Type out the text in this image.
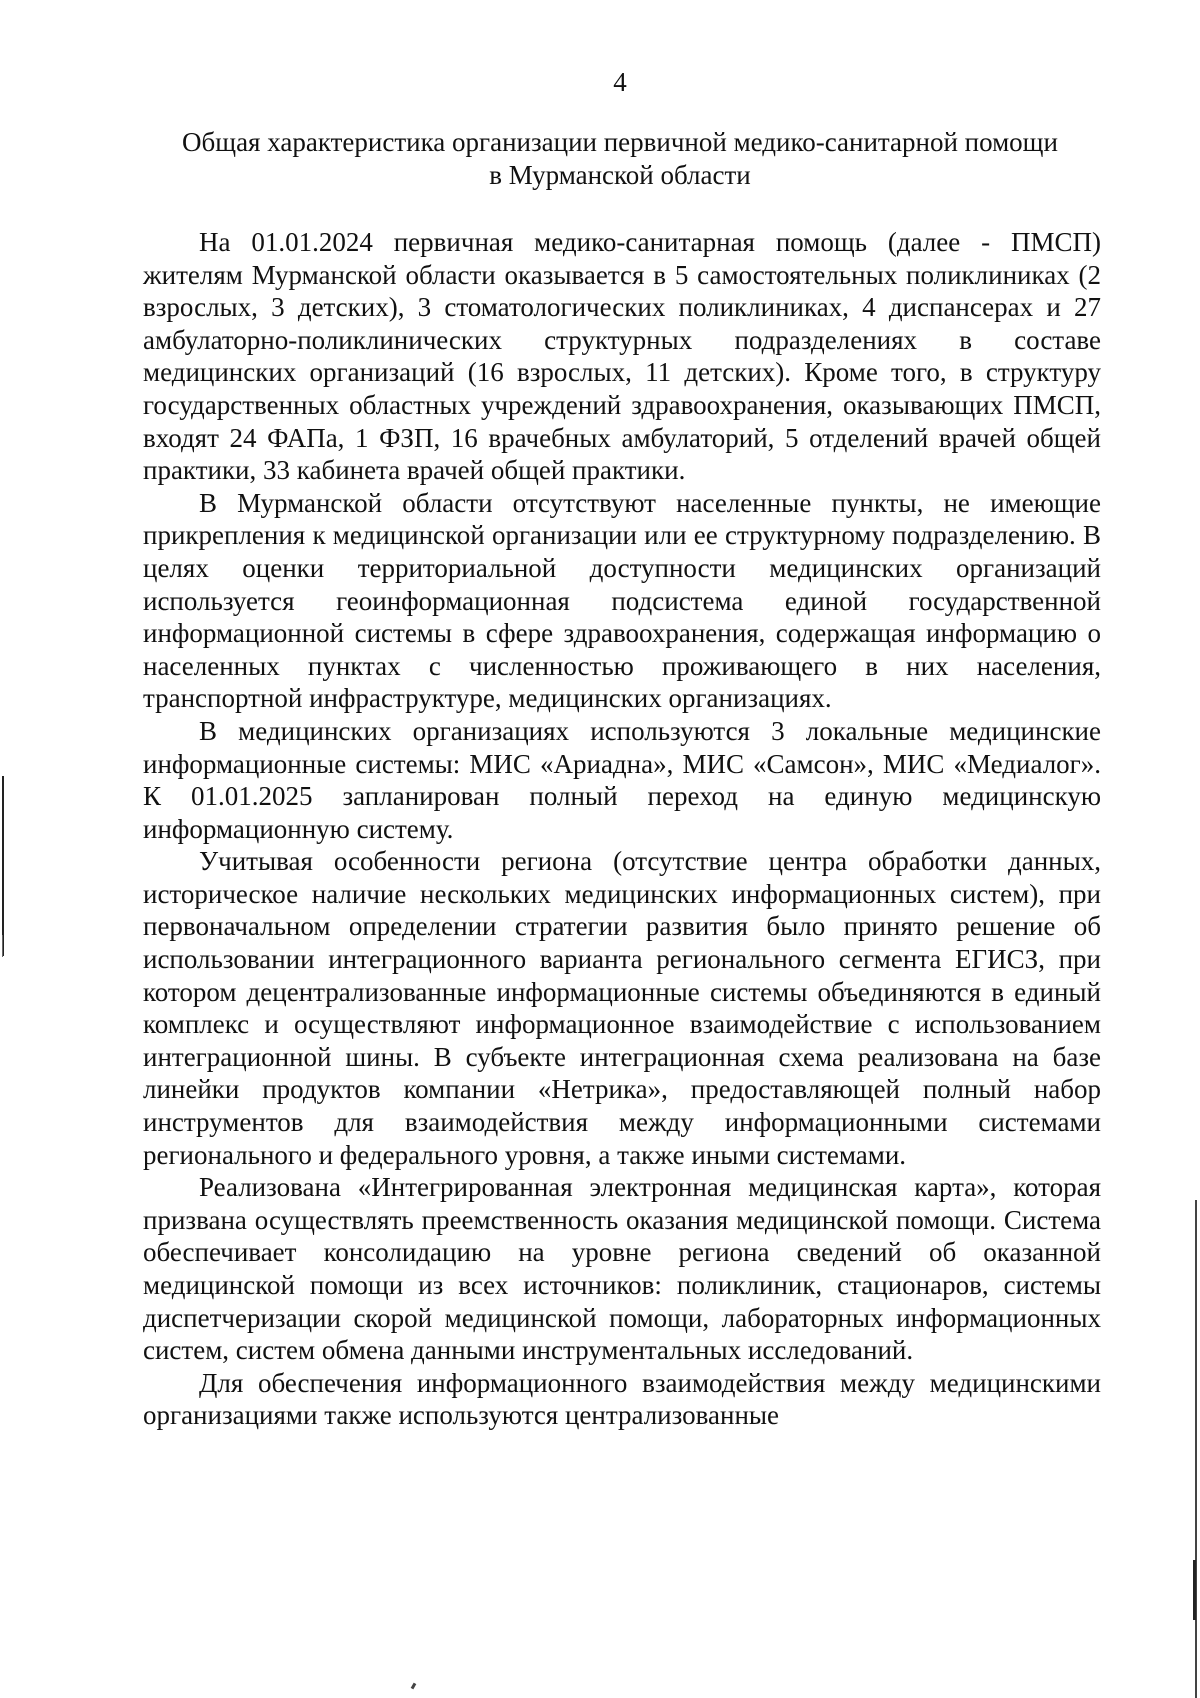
4
Общая характеристика организации первичной медико-санитарной помощи
в Мурманской области

На 01.01.2024 первичная медико-санитарная помощь (далее - ПМСП) жителям Мурманской области оказывается в 5 самостоятельных поликлиниках (2 взрослых, 3 детских), 3 стоматологических поликлиниках, 4 диспансерах и 27 амбулаторно-поликлинических структурных подразделениях в составе медицинских организаций (16 взрослых, 11 детских). Кроме того, в структуру государственных областных учреждений здравоохранения, оказывающих ПМСП, входят 24 ФАПа, 1 ФЗП, 16 врачебных амбулаторий, 5 отделений врачей общей практики, 33 кабинета врачей общей практики.

В Мурманской области отсутствуют населенные пункты, не имеющие прикрепления к медицинской организации или ее структурному подразделению. В целях оценки территориальной доступности медицинских организаций используется геоинформационная подсистема единой государственной информационной системы в сфере здравоохранения, содержащая информацию о населенных пунктах с численностью проживающего в них населения, транспортной инфраструктуре, медицинских организациях.

В медицинских организациях используются 3 локальные медицинские информационные системы: МИС «Ариадна», МИС «Самсон», МИС «Медиалог». К 01.01.2025 запланирован полный переход на единую медицинскую информационную систему.

Учитывая особенности региона (отсутствие центра обработки данных, историческое наличие нескольких медицинских информационных систем), при первоначальном определении стратегии развития было принято решение об использовании интеграционного варианта регионального сегмента ЕГИСЗ, при котором децентрализованные информационные системы объединяются в единый комплекс и осуществляют информационное взаимодействие с использованием интеграционной шины. В субъекте интеграционная схема реализована на базе линейки продуктов компании «Нетрика», предоставляющей полный набор инструментов для взаимодействия между информационными системами регионального и федерального уровня, а также иными системами.

Реализована «Интегрированная электронная медицинская карта», которая призвана осуществлять преемственность оказания медицинской помощи. Система обеспечивает консолидацию на уровне региона сведений об оказанной медицинской помощи из всех источников: поликлиник, стационаров, системы диспетчеризации скорой медицинской помощи, лабораторных информационных систем, систем обмена данными инструментальных исследований.

Для обеспечения информационного взаимодействия между медицинскими организациями также используются централизованные
